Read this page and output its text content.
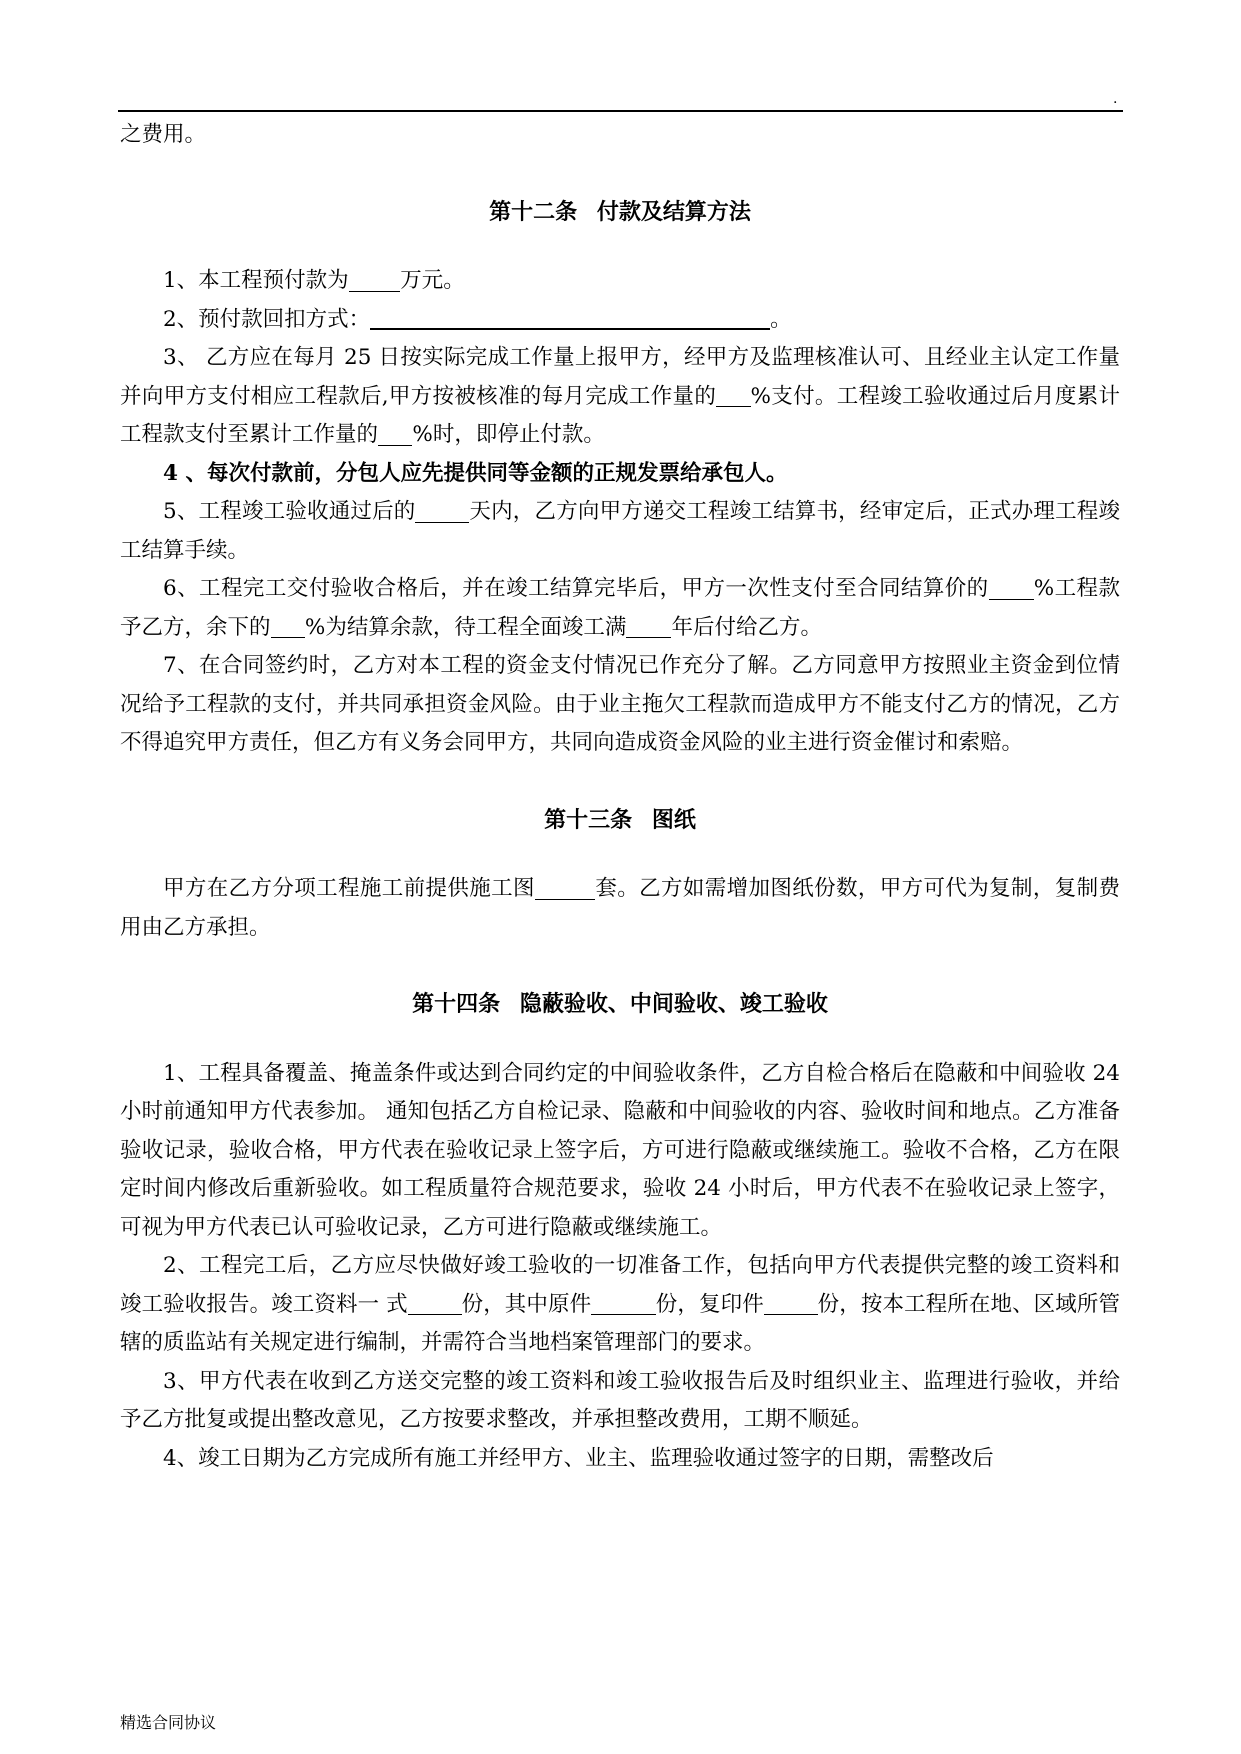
.

之费用。

第十二条 付款及结算方法

1、本工程预付款为 万元。

2、预付款回扣方式：	。

3、 乙方应在每月 25 日按实际完成工作量上报甲方，经甲方及监理核准认可、且经业主认定工作量并向甲方支付相应工程款后,甲方按被核准的每月完成工作量的 %支付。工程竣工验收通过后月度累计工程款支付至累计工作量的 %时，即停止付款。

4 、每次付款前，分包人应先提供同等金额的正规发票给承包人。

5、工程竣工验收通过后的	天内，乙方向甲方递交工程竣工结算书，经审定后，正式办理工程竣工结算手续。

6、工程完工交付验收合格后，并在竣工结算完毕后，甲方一次性支付至合同结算价的 %工程款予乙方，余下的 %为结算余款，待工程全面竣工满 年后付给乙方。

7、在合同签约时，乙方对本工程的资金支付情况已作充分了解。乙方同意甲方按照业主资金到位情况给予工程款的支付，并共同承担资金风险。由于业主拖欠工程款而造成甲方不能支付乙方的情况，乙方不得追究甲方责任，但乙方有义务会同甲方，共同向造成资金风险的业主进行资金催讨和索赔。

第十三条 图纸

甲方在乙方分项工程施工前提供施工图	套。乙方如需增加图纸份数，甲方可代为复制，复制费用由乙方承担。

第十四条 隐蔽验收、中间验收、竣工验收

1、工程具备覆盖、掩盖条件或达到合同约定的中间验收条件，乙方自检合格后在隐蔽和中间验收 24 小时前通知甲方代表参加。 通知包括乙方自检记录、隐蔽和中间验收的内容、验收时间和地点。乙方准备验收记录，验收合格，甲方代表在验收记录上签字后，方可进行隐蔽或继续施工。验收不合格，乙方在限定时间内修改后重新验收。如工程质量符合规范要求，验收 24 小时后，甲方代表不在验收记录上签字，可视为甲方代表已认可验收记录，乙方可进行隐蔽或继续施工。

2、工程完工后，乙方应尽快做好竣工验收的一切准备工作，包括向甲方代表提供完整的竣工资料和竣工验收报告。竣工资料一 式	份，其中原件	份，复印件	份，按本工程所在地、区域所管辖的质监站有关规定进行编制，并需符合当地档案管理部门的要求。

3、甲方代表在收到乙方送交完整的竣工资料和竣工验收报告后及时组织业主、监理进行验收，并给予乙方批复或提出整改意见，乙方按要求整改，并承担整改费用，工期不顺延。

4、竣工日期为乙方完成所有施工并经甲方、业主、监理验收通过签字的日期，需整改后

精选合同协议
